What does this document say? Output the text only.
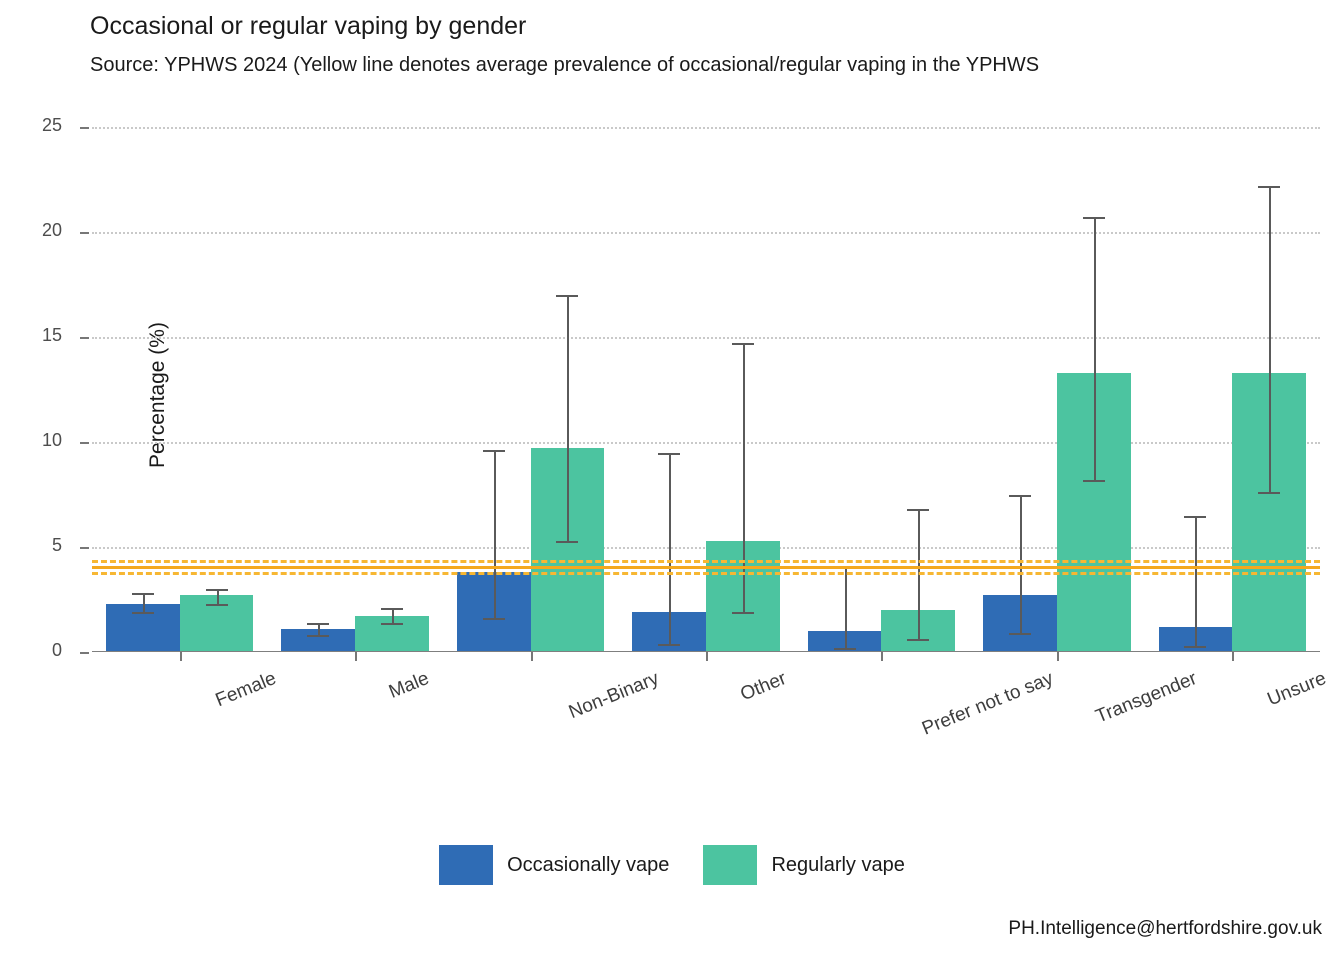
Occasional or regular vaping by gender
Source: YPHWS 2024 (Yellow line denotes average prevalence of occasional/regular vaping in the YPHWS
Percentage (%)
0
5
10
15
20
25
Female	Male	Non-Binary	Other	Prefer not to say Transgender	Unsure
Occasionally vape	Regularly vape
PH.Intelligence@hertfordshire.gov.uk
